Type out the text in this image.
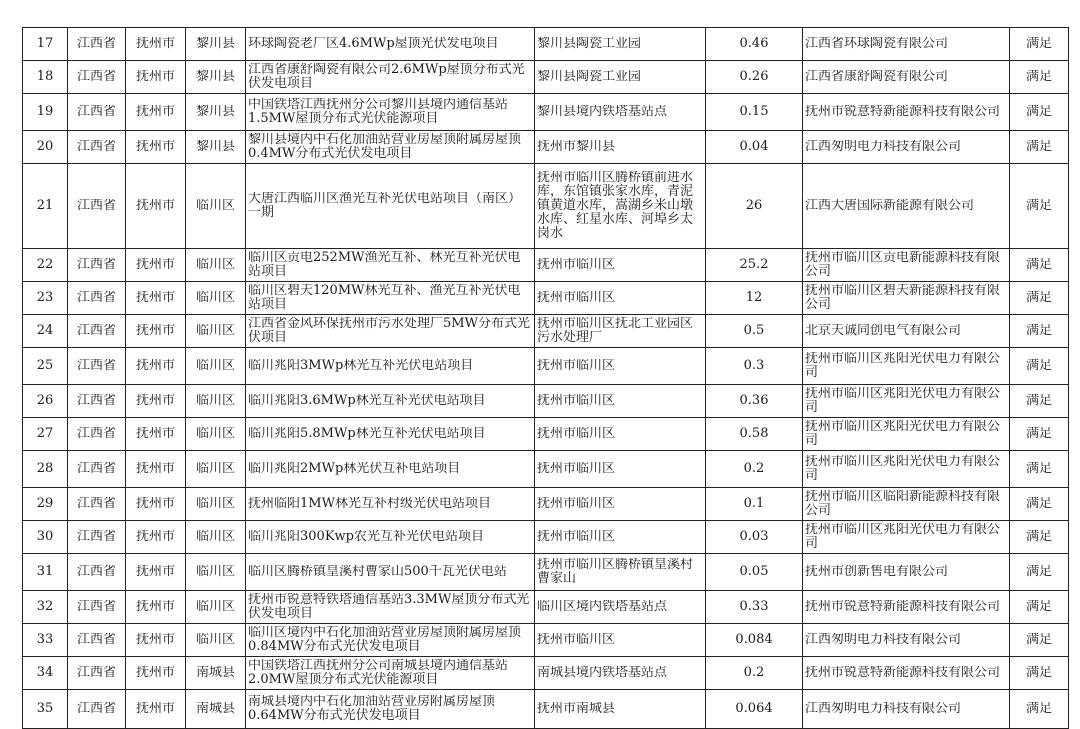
17	江西省	抚州市	黎川县	环球陶瓷老厂区4.6MWp屋顶光伏发电项目	黎川县陶瓷工业园	0.46	江西省环球陶瓷有限公司	满足

18	江西省	抚州市	黎川县	江西省康舒陶瓷有限公司2.6MWp屋顶分布式光伏发电项目	黎川县陶瓷工业园	0.26	江西省康舒陶瓷有限公司	满足

19	江西省	抚州市	黎川县	中国铁塔江西抚州分公司黎川县境内通信基站1.5MW屋顶分布式光伏能源项目	黎川县境内铁塔基站点	0.15	抚州市锐意特新能源科技有限公司	满足

20	江西省	抚州市	黎川县	黎川县境内中石化加油站营业房屋顶附属房屋顶0.4MW分布式光伏发电项目	抚州市黎川县	0.04	江西匆明电力科技有限公司	满足

21	江西省	抚州市	临川区	大唐江西临川区渔光互补光伏电站项目（南区）一期	抚州市临川区腾桥镇前进水库，东馆镇张家水库，青泥镇黄道水库，嵩湖乡米山墩水库、红星水库、河埠乡太岗水	26	江西大唐国际新能源有限公司	满足

22	江西省	抚州市	临川区	临川区贡电252MW渔光互补、林光互补光伏电站项目	抚州市临川区	25.2	抚州市临川区贡电新能源科技有限公司	满足

23	江西省	抚州市	临川区	临川区碧天120MW林光互补、渔光互补光伏电站项目	抚州市临川区	12	抚州市临川区碧天新能源科技有限公司	满足

24	江西省	抚州市	临川区	江西省金风环保抚州市污水处理厂5MW分布式光伏项目	抚州市临川区抚北工业园区污水处理厂	0.5	北京天诚同创电气有限公司	满足

25	江西省	抚州市	临川区	临川兆阳3MWp林光互补光伏电站项目	抚州市临川区	0.3	抚州市临川区兆阳光伏电力有限公司	满足

26	江西省	抚州市	临川区	临川兆阳3.6MWp林光互补光伏电站项目	抚州市临川区	0.36	抚州市临川区兆阳光伏电力有限公司	满足

27	江西省	抚州市	临川区	临川兆阳5.8MWp林光互补光伏电站项目	抚州市临川区	0.58	抚州市临川区兆阳光伏电力有限公司	满足

28	江西省	抚州市	临川区	临川兆阳2MWp林光伏互补电站项目	抚州市临川区	0.2	抚州市临川区兆阳光伏电力有限公司	满足

29	江西省	抚州市	临川区	抚州临阳1MW林光互补村级光伏电站项目	抚州市临川区	0.1	抚州市临川区临阳新能源科技有限公司	满足

30	江西省	抚州市	临川区	临川兆阳300Kwp农光互补光伏电站项目	抚州市临川区	0.03	抚州市临川区兆阳光伏电力有限公司	满足

31	江西省	抚州市	临川区	临川区腾桥镇皇溪村曹家山500千瓦光伏电站	抚州市临川区腾桥镇皇溪村曹家山	0.05	抚州市创新售电有限公司	满足

32	江西省	抚州市	临川区	抚州市锐意特铁塔通信基站3.3MW屋顶分布式光伏发电项目	临川区境内铁塔基站点	0.33	抚州市锐意特新能源科技有限公司	满足

33	江西省	抚州市	临川区	临川区境内中石化加油站营业房屋顶附属房屋顶0.84MW分布式光伏发电项目	抚州市临川区	0.084	江西匆明电力科技有限公司	满足

34	江西省	抚州市	南城县	中国铁塔江西抚州分公司南城县境内通信基站2.0MW屋顶分布式光伏能源项目	南城县境内铁塔基站点	0.2	抚州市锐意特新能源科技有限公司	满足

35	江西省	抚州市	南城县	南城县境内中石化加油站营业房附属房屋顶0.64MW分布式光伏发电项目	抚州市南城县	0.064	江西匆明电力科技有限公司	满足
